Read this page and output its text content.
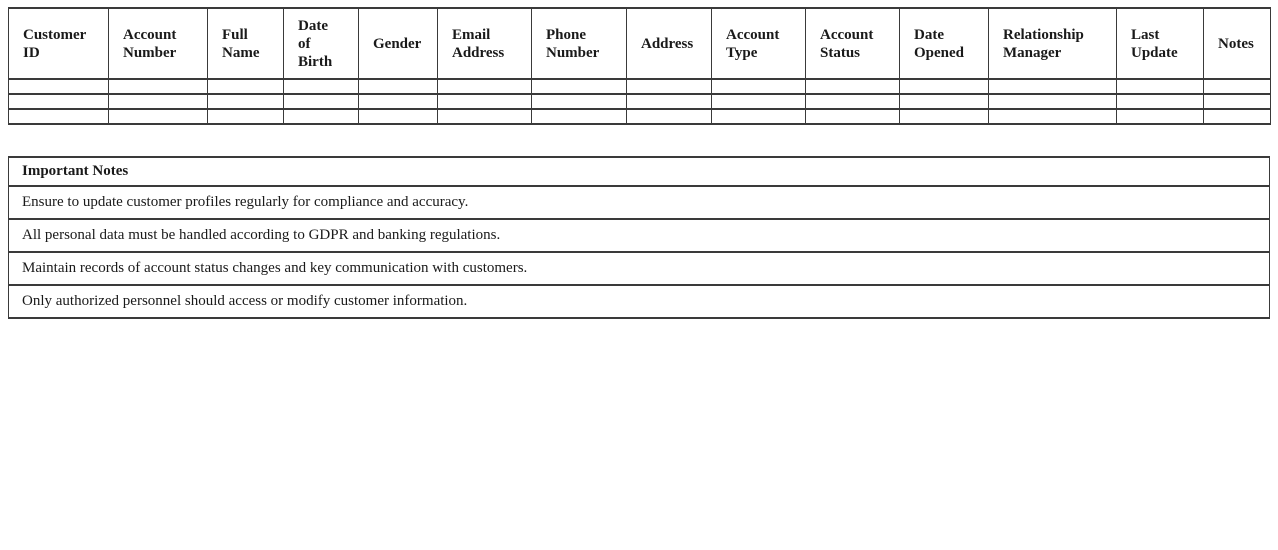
Customer ID	Account Number	Full Name	Date of Birth	Gender	Email Address	Phone Number	Address	Account Type	Account Status	Date Opened	Relationship Manager	Last Update	Notes

Important Notes
Ensure to update customer profiles regularly for compliance and accuracy.
All personal data must be handled according to GDPR and banking regulations.
Maintain records of account status changes and key communication with customers.
Only authorized personnel should access or modify customer information.
